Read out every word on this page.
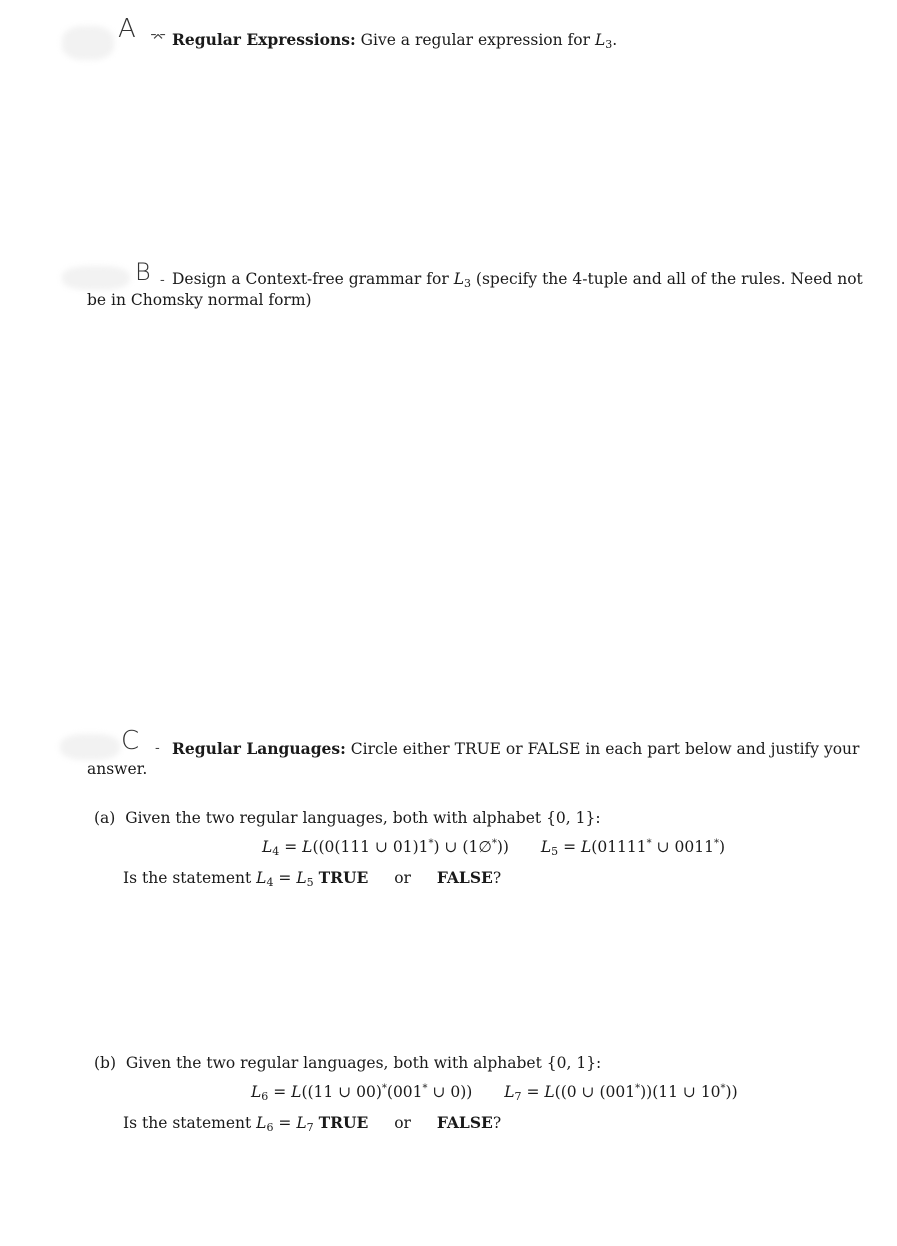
A ⌤ Regular Expressions: Give a regular expression for $L_3$.
B - Design a Context-free grammar for $L_3$ (specify the 4-tuple and all of the rules. Need not
be in Chomsky normal form)
C - Regular Languages: Circle either TRUE or FALSE in each part below and justify your
answer.
(a) Given the two regular languages, both with alphabet {0, 1}:
$L_4 = L((0(111$ ∪ 01)1*) ∪ (1∅*)) $L_5 = L(01111^*$ ∪ 0011*)
Is the statement $L_4 = L_5$ TRUE or FALSE?
(b) Given the two regular languages, both with alphabet {0, 1}:
$L_6 = L((11$ ∪ 00)*(001* ∪ 0)) $L_7 = L((0$ ∪ (001*))(11 ∪ 10*))
Is the statement $L_6 = L_7$ TRUE or FALSE?
